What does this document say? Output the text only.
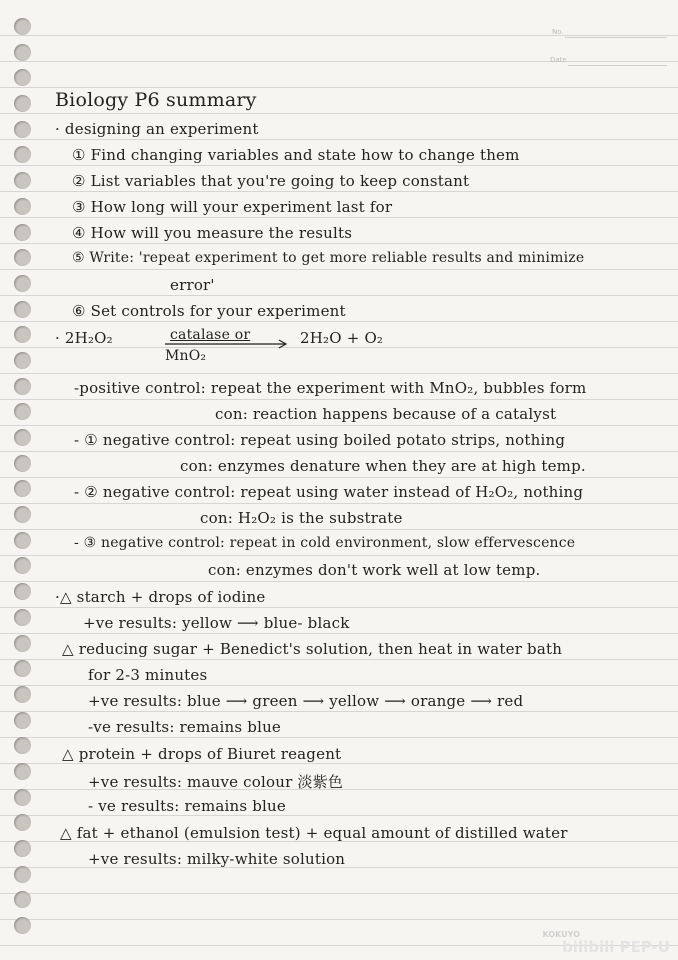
No.
Date
Biology P6 summary
· designing an experiment
① Find changing variables and state how to change them
② List variables that you're going to keep constant
③ How long will your experiment last for
④ How will you measure the results
⑤ Write: 'repeat experiment to get more reliable results and minimize
error'
⑥ Set controls for your experiment
· 2H₂O₂	catalase or
MnO₂
2H₂O + O₂
-positive control: repeat the experiment with MnO₂, bubbles form
con: reaction happens because of a catalyst
- ① negative control: repeat using boiled potato strips, nothing
con: enzymes denature when they are at high temp.
- ② negative control: repeat using water instead of H₂O₂, nothing
con: H₂O₂ is the substrate
- ③ negative control: repeat in cold environment, slow effervescence
con: enzymes don't work well at low temp.
·△ starch + drops of iodine
+ve results: yellow ⟶ blue- black
△ reducing sugar + Benedict's solution, then heat in water bath
for 2-3 minutes
+ve results: blue ⟶ green ⟶ yellow ⟶ orange ⟶ red
-ve results: remains blue
△ protein + drops of Biuret reagent
+ve results: mauve colour 淡紫色
- ve results: remains blue
△ fat + ethanol (emulsion test) + equal amount of distilled water
+ve results: milky-white solution
KOKUYO
bilibili PEP-U
